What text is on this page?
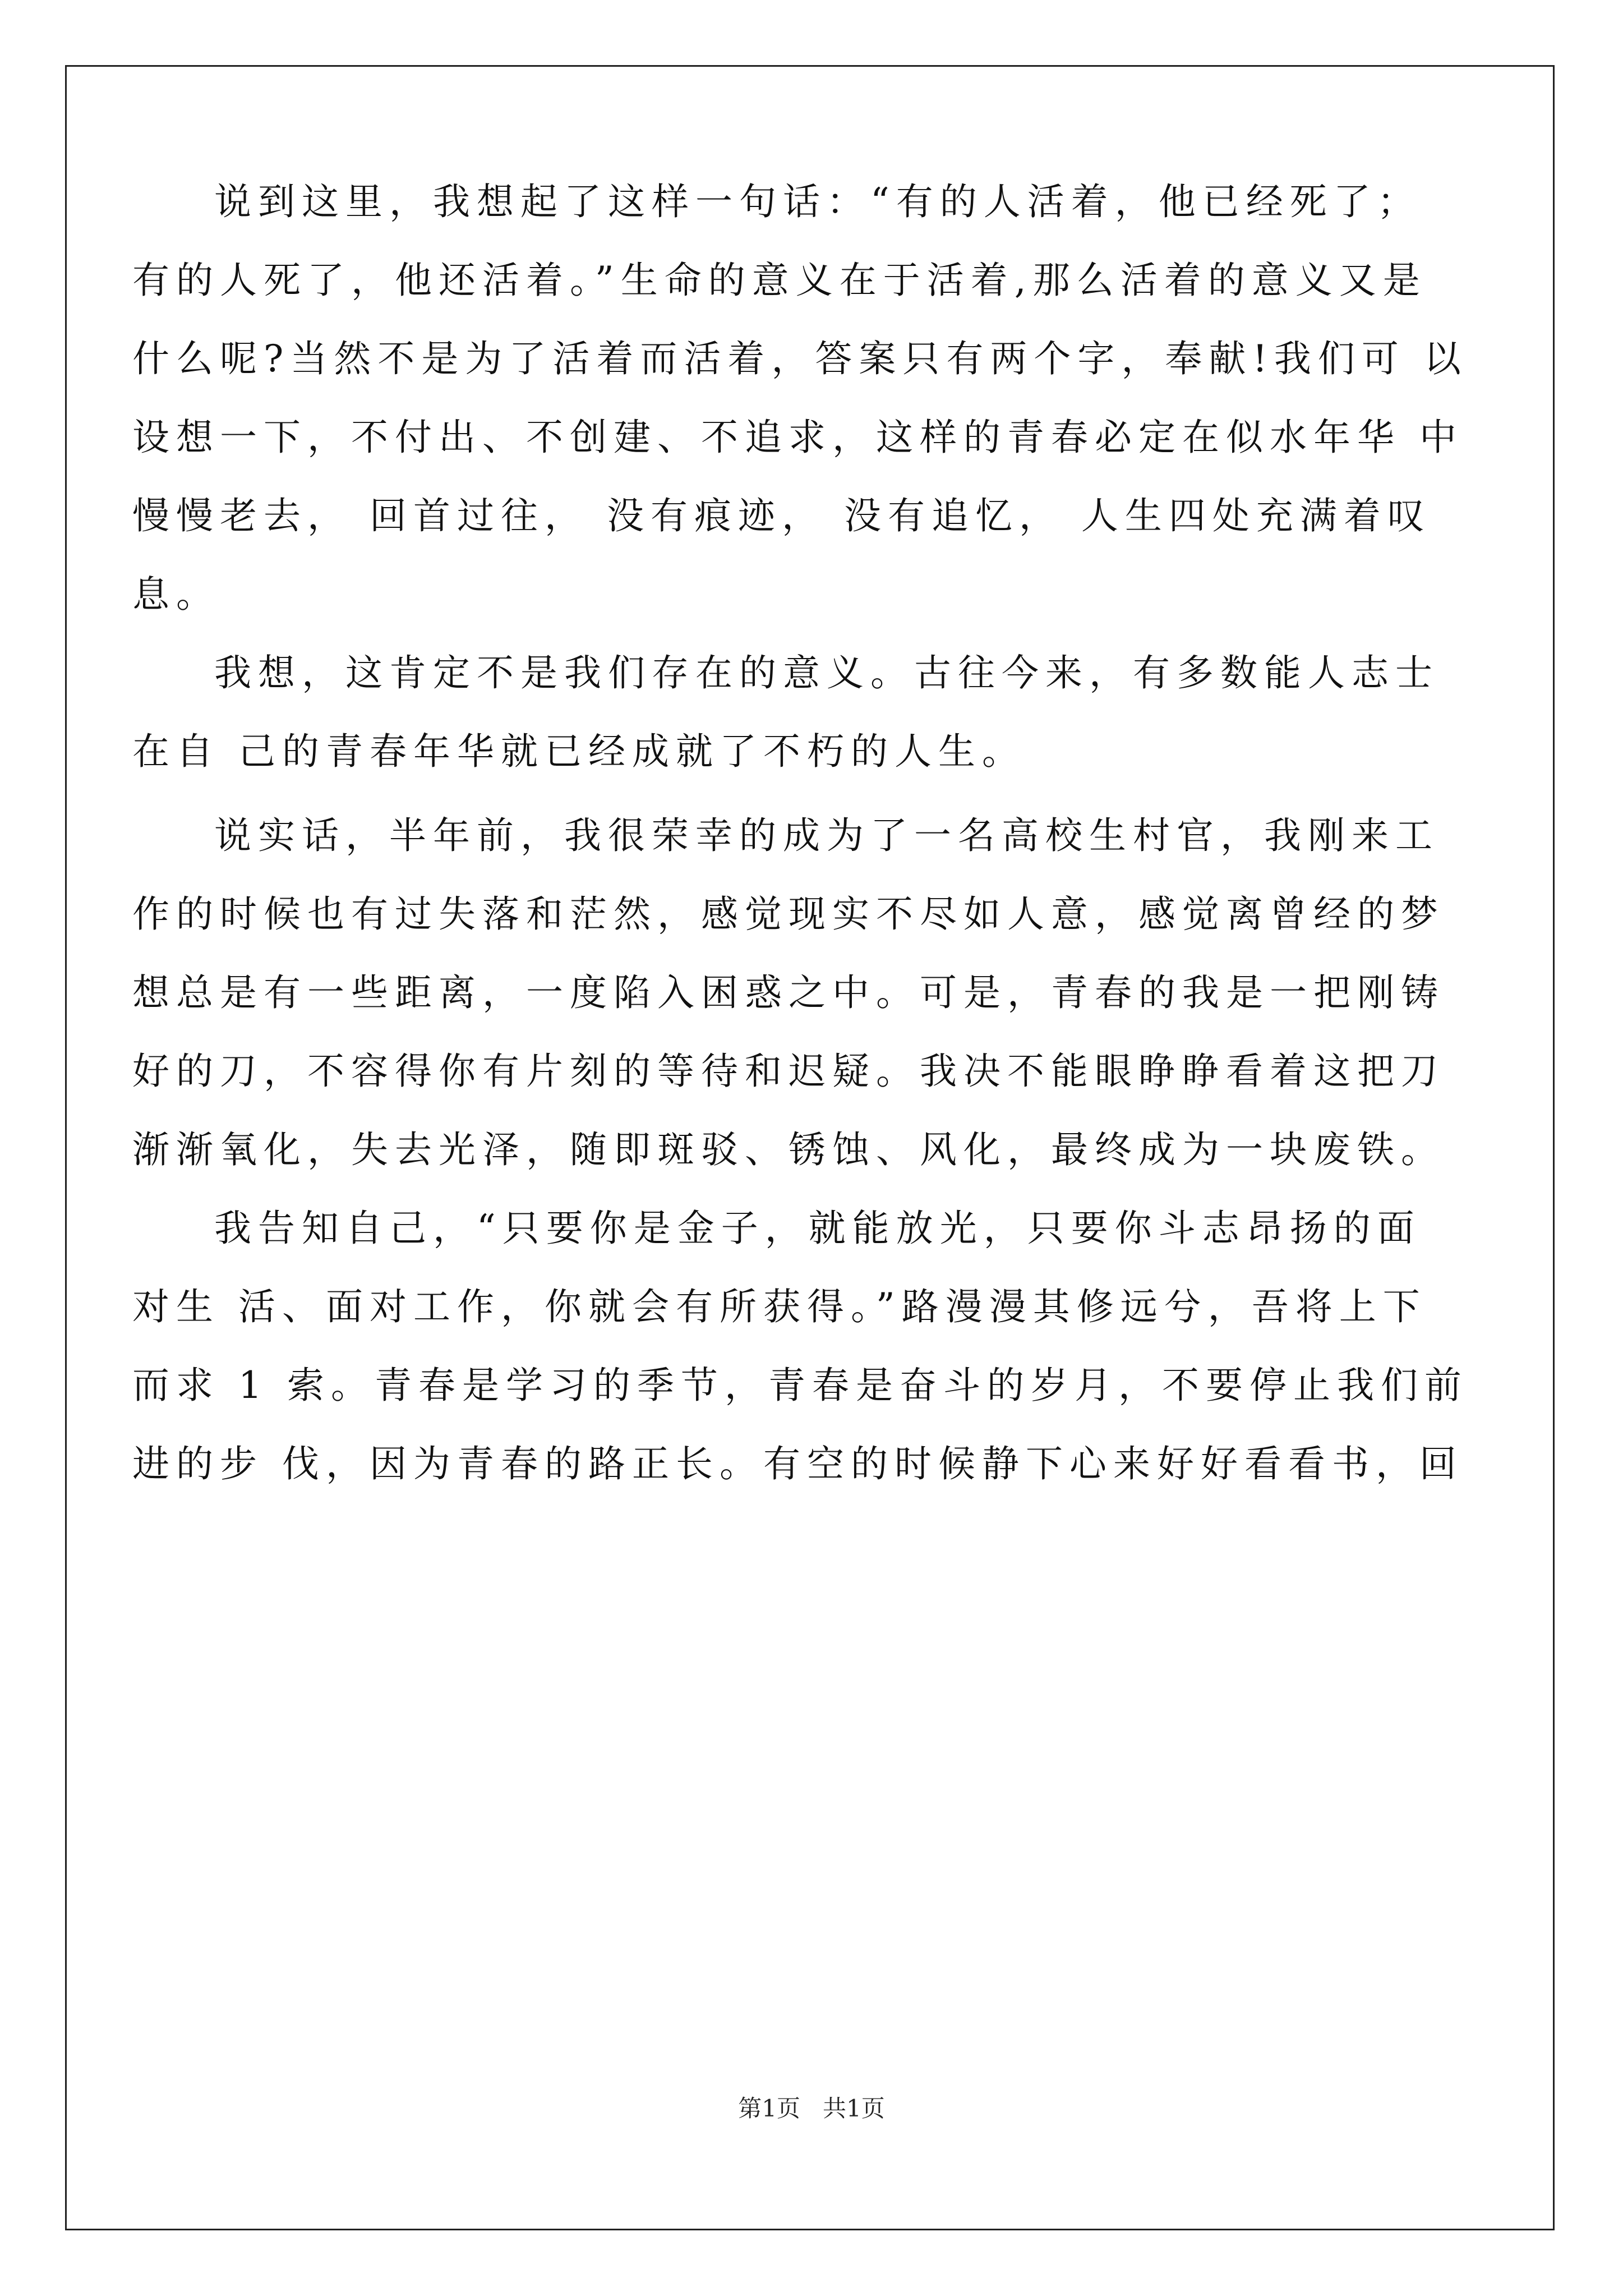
说到这里，我想起了这样一句话：“有的人活着，他已经死了；
有的人死了，他还活着。”生命的意义在于活着,那么活着的意义又是
什么呢?当然不是为了活着而活着，答案只有两个字，奉献!我们可 以
设想一下，不付出、不创建、不追求，这样的青春必定在似水年华 中
慢慢老去， 回首过往， 没有痕迹， 没有追忆， 人生四处充满着叹
息。
我想，这肯定不是我们存在的意义。古往今来，有多数能人志士
在自 己的青春年华就已经成就了不朽的人生。
说实话，半年前，我很荣幸的成为了一名高校生村官，我刚来工
作的时候也有过失落和茫然，感觉现实不尽如人意，感觉离曾经的梦
想总是有一些距离，一度陷入困惑之中。可是，青春的我是一把刚铸
好的刀，不容得你有片刻的等待和迟疑。我决不能眼睁睁看着这把刀
渐渐氧化，失去光泽，随即斑驳、锈蚀、风化，最终成为一块废铁。
我告知自己，“只要你是金子，就能放光，只要你斗志昂扬的面
对生 活、面对工作，你就会有所获得。”路漫漫其修远兮，吾将上下
而求 1 索。青春是学习的季节，青春是奋斗的岁月，不要停止我们前
进的步 伐，因为青春的路正长。有空的时候静下心来好好看看书，回
第1页 共1页
